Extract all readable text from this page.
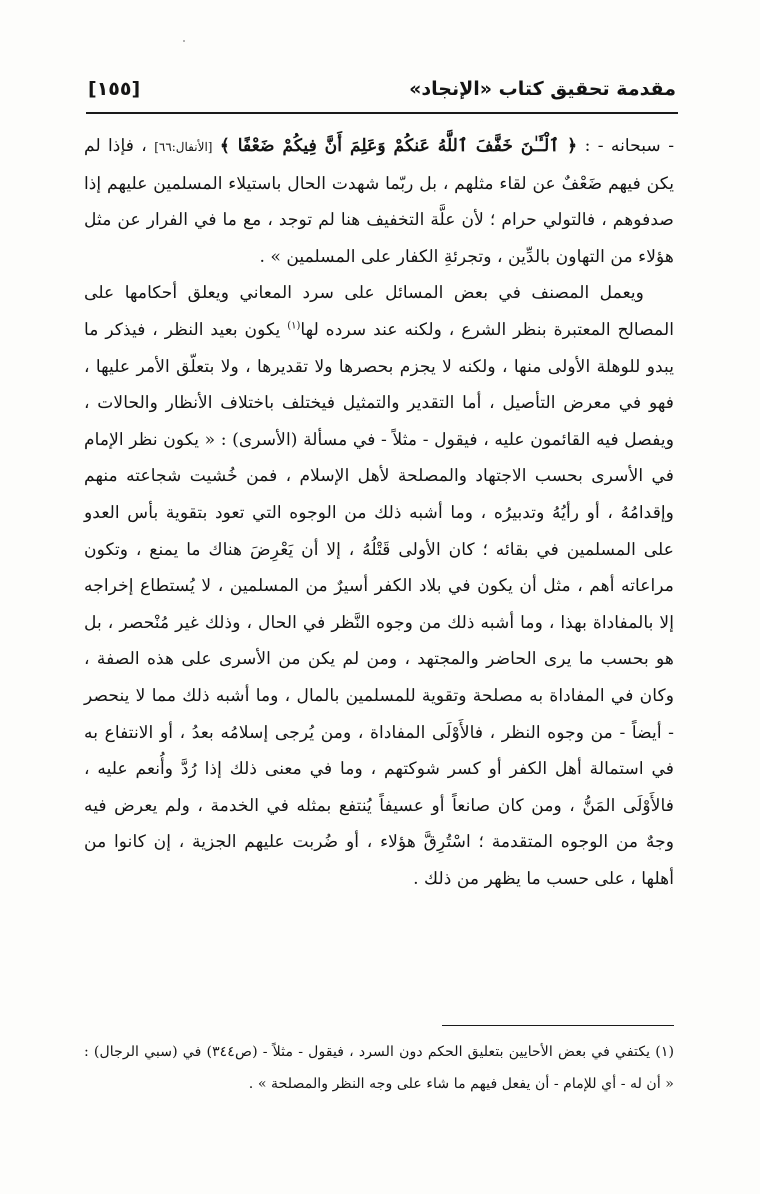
مقدمة تحقيق كتاب «الإنجاد»
[١٥٥]

- سبحانه - : ﴿ ٱلْـَٔـٰنَ خَفَّفَ ٱللَّهُ عَنكُمْ وَعَلِمَ أَنَّ فِيكُمْ ضَعْفًا ﴾ [الأنفال:٦٦] ، فإذا لم يكن فيهم ضَعْفٌ عن لقاء مثلهم ، بل ربّما شهدت الحال باستيلاء المسلمين عليهم إذا صدفوهم ، فالتولي حرام ؛ لأن علَّة التخفيف هنا لم توجد ، مع ما في الفرار عن مثل هؤلاء من التهاون بالدِّين ، وتجرئةِ الكفار على المسلمين » .

ويعمل المصنف في بعض المسائل على سرد المعاني ويعلق أحكامها على المصالح المعتبرة بنظر الشرع ، ولكنه عند سرده لها$^{(١)}$ يكون بعيد النظر ، فيذكر ما يبدو للوهلة الأولى منها ، ولكنه لا يجزم بحصرها ولا تقديرها ، ولا بتعلّق الأمر عليها ، فهو في معرض التأصيل ، أما التقدير والتمثيل فيختلف باختلاف الأنظار والحالات ، ويفصل فيه القائمون عليه ، فيقول - مثلاً - في مسألة (الأسرى) : « يكون نظر الإمام في الأسرى بحسب الاجتهاد والمصلحة لأهل الإسلام ، فمن خُشيت شجاعته منهم وإقدامُهُ ، أو رأيُهُ وتدبيرُه ، وما أشبه ذلك من الوجوه التي تعود بتقوية بأس العدو على المسلمين في بقائه ؛ كان الأولى قَتْلُهُ ، إلا أن يَعْرِضَ هناك ما يمنع ، وتكون مراعاته أهم ، مثل أن يكون في بلاد الكفر أسيرٌ من المسلمين ، لا يُستطاع إخراجه إلا بالمفاداة بهذا ، وما أشبه ذلك من وجوه النَّظر في الحال ، وذلك غير مُنْحصر ، بل هو بحسب ما يرى الحاضر والمجتهد ، ومن لم يكن من الأسرى على هذه الصفة ، وكان في المفاداة به مصلحة وتقوية للمسلمين بالمال ، وما أشبه ذلك مما لا ينحصر - أيضاً - من وجوه النظر ، فالأَوْلَى المفاداة ، ومن يُرجى إسلامُه بعدُ ، أو الانتفاع به في استمالة أهل الكفر أو كسر شوكتهم ، وما في معنى ذلك إذا رُدَّ وأُنعم عليه ، فالأَوْلَى المَنُّ ، ومن كان صانعاً أو عسيفاً يُنتفع بمثله في الخدمة ، ولم يعرض فيه وجهٌ من الوجوه المتقدمة ؛ اسْتُرِقَّ هؤلاء ، أو ضُربت عليهم الجزية ، إن كانوا من أهلها ، على حسب ما يظهر من ذلك .

(١) يكتفي في بعض الأحايين بتعليق الحكم دون السرد ، فيقول - مثلاً - (ص٣٤٤) في (سبي الرجال) : « أن له - أي للإمام - أن يفعل فيهم ما شاء على وجه النظر والمصلحة » .
